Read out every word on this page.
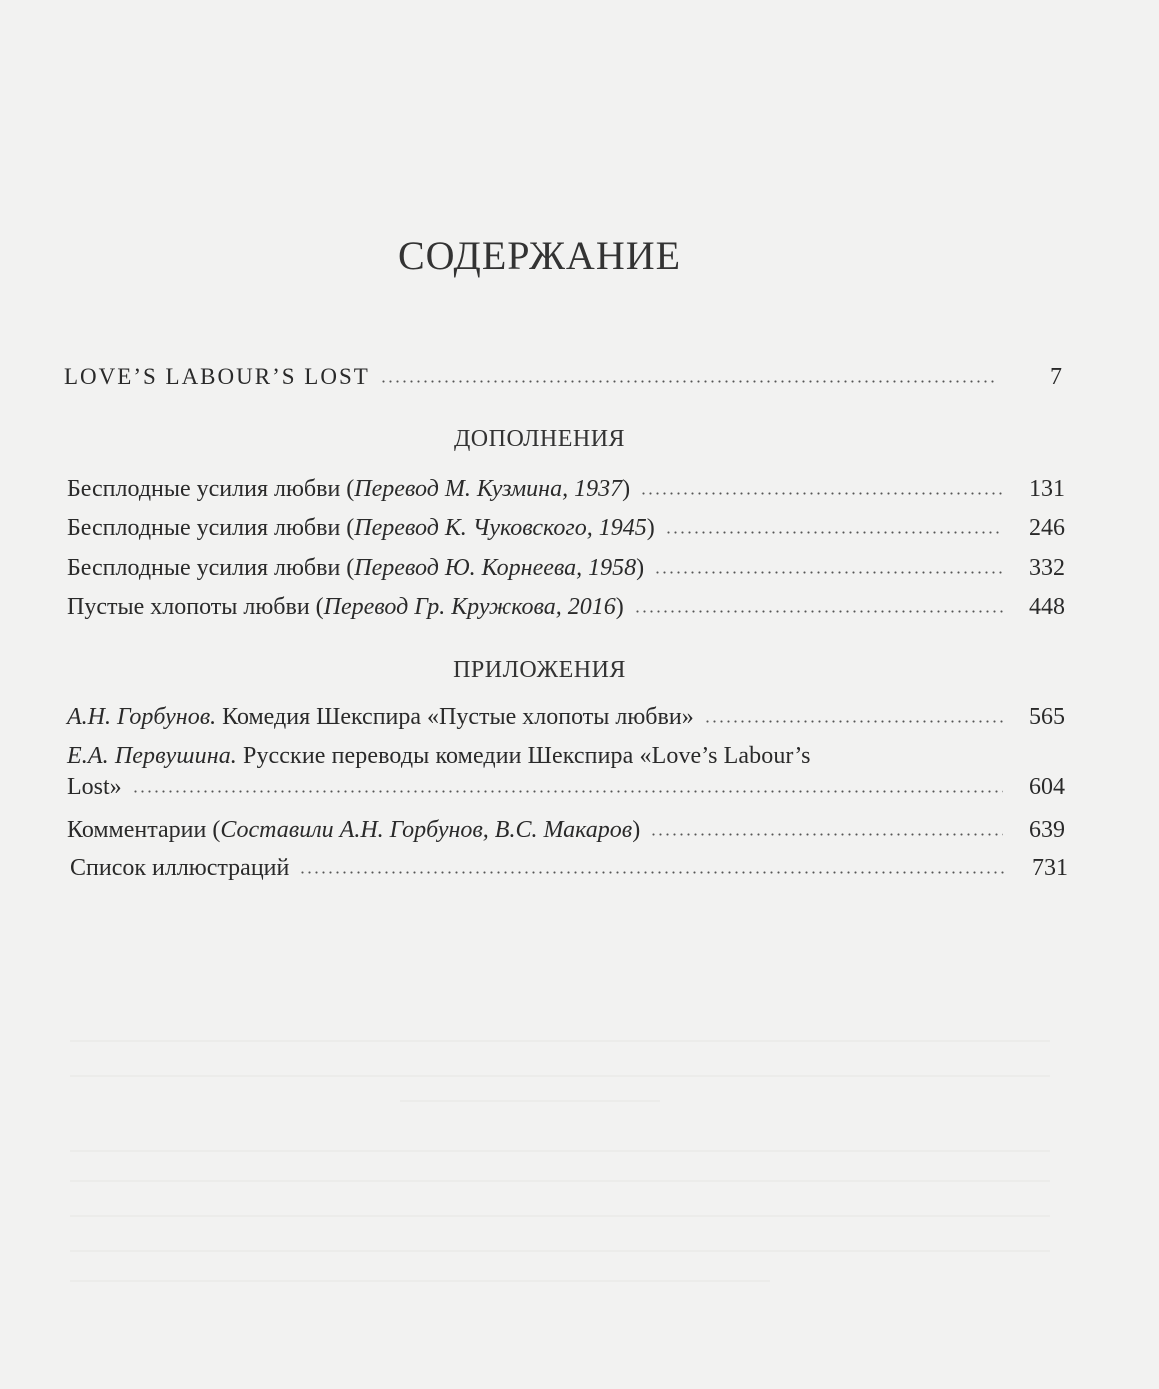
СОДЕРЖАНИЕ
LOVE’S LABOUR’S LOST	7
ДОПОЛНЕНИЯ
Бесплодные усилия любви (Перевод М. Кузмина, 1937)	131
Бесплодные усилия любви (Перевод К. Чуковского, 1945)	246
Бесплодные усилия любви (Перевод Ю. Корнеева, 1958)	332
Пустые хлопоты любви (Перевод Гр. Кружкова, 2016)	448
ПРИЛОЖЕНИЯ
А.Н. Горбунов. Комедия Шекспира «Пустые хлопоты любви»	565
Е.А. Первушина. Русские переводы комедии Шекспира «Love’s Labour’s
Lost»	604
Комментарии (Составили А.Н. Горбунов, В.С. Макаров)	639
Список иллюстраций	731
